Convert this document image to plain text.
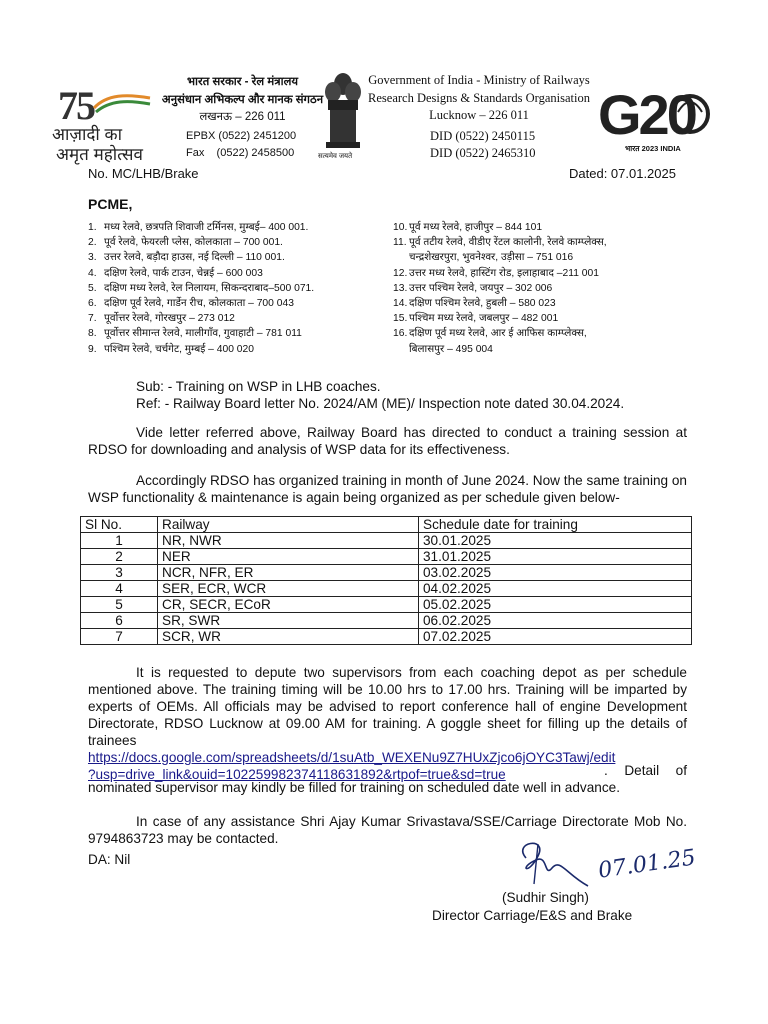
75
आज़ादी का
अमृत महोत्सव
भारत सरकार - रेल मंत्रालय
अनुसंधान अभिकल्प और मानक संगठन
लखनऊ – 226 011
EPBX (0522) 2451200
Fax    (0522) 2458500	सत्यमेव जयते
Government of India - Ministry of Railways
Research Designs & Standards Organisation
Lucknow – 226 011
DID (0522) 2450115
DID (0522) 2465310
G20
भारत 2023 INDIA
No. MC/LHB/Brake	Dated: 07.01.2025
PCME,
1. मध्य रेलवे, छत्रपति शिवाजी टर्मिनस, मुम्बई– 400 001.
2. पूर्व रेलवे, फेयरली प्लेस, कोलकाता – 700 001.
3. उत्तर रेलवे, बड़ौदा हाउस, नई दिल्ली – 110 001.
4. दक्षिण रेलवे, पार्क टाउन, चेन्नई – 600 003
5. दक्षिण मध्य रेलवे, रेल निलायम, सिकन्दराबाद–500 071.
6. दक्षिण पूर्व रेलवे, गार्डेन रीच, कोलकाता – 700 043
7. पूर्वोत्तर रेलवे, गोरखपुर – 273 012
8. पूर्वोत्तर सीमान्त रेलवे, मालीगाँव, गुवाहाटी – 781 011
9. पश्चिम रेलवे, चर्चगेट, मुम्बई – 400 020
10. पूर्व मध्य रेलवे, हाजीपुर – 844 101
11. पूर्व तटीय रेलवे, वीडीए रेंटल कालोनी, रेलवे काम्प्लेक्स,
चन्द्रशेखरपुरा, भुवनेश्वर, उड़ीसा – 751 016
12. उत्तर मध्य रेलवे, हास्टिंग रोड, इलाहाबाद –211 001
13. उत्तर पश्चिम रेलवे, जयपुर – 302 006
14. दक्षिण पश्चिम रेलवे, हुबली – 580 023
15. पश्चिम मध्य रेलवे, जबलपुर – 482 001
16. दक्षिण पूर्व मध्य रेलवे, आर ई आफिस काम्प्लेक्स,
बिलासपुर – 495 004
Sub: - Training on WSP in LHB coaches.
Ref: - Railway Board letter No. 2024/AM (ME)/ Inspection note dated 30.04.2024.
Vide letter referred above, Railway Board has directed to conduct a training session at RDSO for downloading and analysis of WSP data for its effectiveness.
Accordingly RDSO has organized training in month of June 2024. Now the same training on WSP functionality & maintenance is again being organized as per schedule given below-
Sl No.	Railway	Schedule date for training
1	NR, NWR	30.01.2025
2	NER	31.01.2025
3	NCR, NFR, ER	03.02.2025
4	SER, ECR, WCR	04.02.2025
5	CR, SECR, ECoR	05.02.2025
6	SR, SWR	06.02.2025
7	SCR, WR	07.02.2025
It is requested to depute two supervisors from each coaching depot as per schedule mentioned above. The training timing will be 10.00 hrs to 17.00 hrs. Training will be imparted by experts of OEMs. All officials may be advised to report conference hall of engine Development Directorate, RDSO Lucknow at 09.00 AM for training. A goggle sheet for filling up the details of trainees
https://docs.google.com/spreadsheets/d/1suAtb_WEXENu9Z7HUxZjco6jOYC3Tawj/edit
?usp=drive_link&ouid=102259982374118631892&rtpof=true&sd=true	. Detail of nominated supervisor may kindly be filled for training on scheduled date well in advance.
In case of any assistance Shri Ajay Kumar Srivastava/SSE/Carriage Directorate Mob No. 9794863723 may be contacted.
DA: Nil	07.01.25
(Sudhir Singh)
Director Carriage/E&S and Brake
